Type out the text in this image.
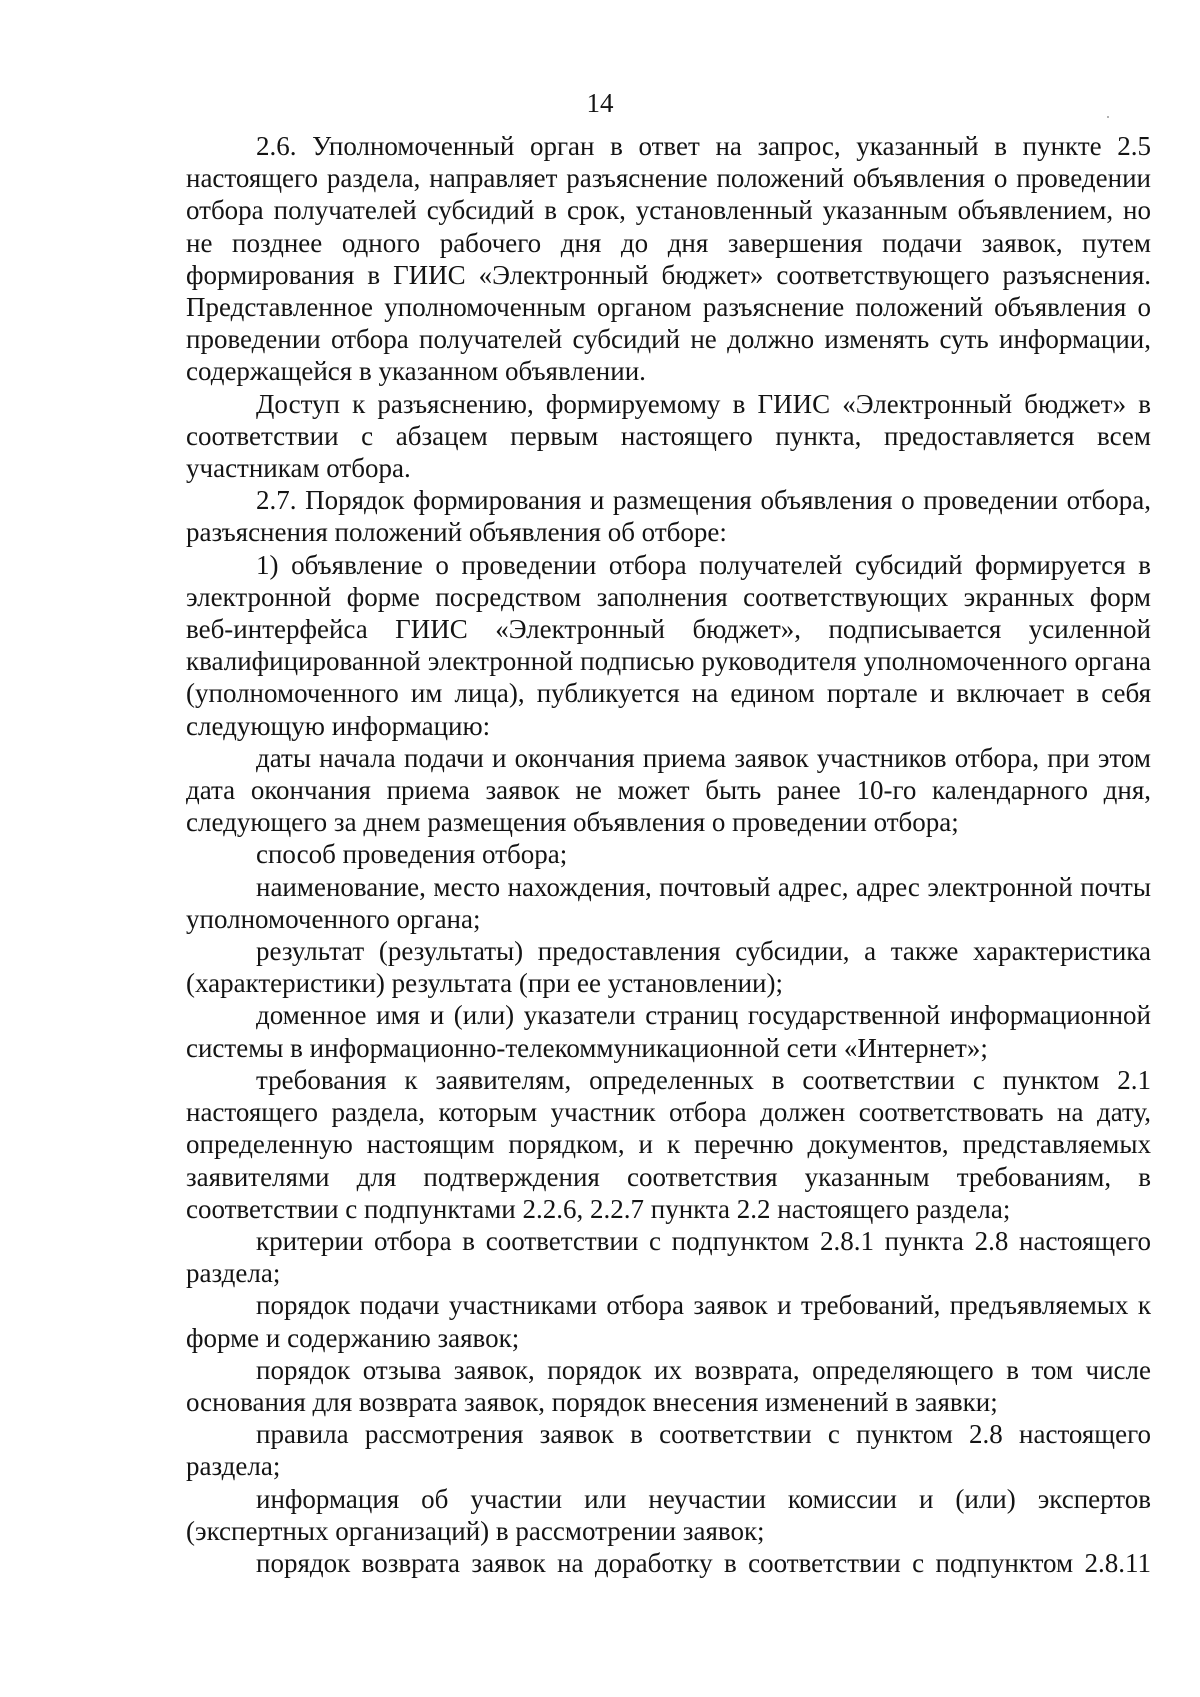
14

2.6. Уполномоченный орган в ответ на запрос, указанный в пункте 2.5 настоящего раздела, направляет разъяснение положений объявления о проведении отбора получателей субсидий в срок, установленный указанным объявлением, но не позднее одного рабочего дня до дня завершения подачи заявок, путем формирования в ГИИС «Электронный бюджет» соответствующего разъяснения. Представленное уполномоченным органом разъяснение положений объявления о проведении отбора получателей субсидий не должно изменять суть информации, содержащейся в указанном объявлении.

Доступ к разъяснению, формируемому в ГИИС «Электронный бюджет» в соответствии с абзацем первым настоящего пункта, предоставляется всем участникам отбора.

2.7. Порядок формирования и размещения объявления о проведении отбора, разъяснения положений объявления об отборе:

1) объявление о проведении отбора получателей субсидий формируется в электронной форме посредством заполнения соответствующих экранных форм веб-интерфейса ГИИС «Электронный бюджет», подписывается усиленной квалифицированной электронной подписью руководителя уполномоченного органа (уполномоченного им лица), публикуется на едином портале и включает в себя следующую информацию:

даты начала подачи и окончания приема заявок участников отбора, при этом дата окончания приема заявок не может быть ранее 10-го календарного дня, следующего за днем размещения объявления о проведении отбора;

способ проведения отбора;

наименование, место нахождения, почтовый адрес, адрес электронной почты уполномоченного органа;

результат (результаты) предоставления субсидии, а также характеристика (характеристики) результата (при ее установлении);

доменное имя и (или) указатели страниц государственной информационной системы в информационно-телекоммуникационной сети «Интернет»;

требования к заявителям, определенных в соответствии с пунктом 2.1 настоящего раздела, которым участник отбора должен соответствовать на дату, определенную настоящим порядком, и к перечню документов, представляемых заявителями для подтверждения соответствия указанным требованиям, в соответствии с подпунктами 2.2.6, 2.2.7 пункта 2.2 настоящего раздела;

критерии отбора в соответствии с подпунктом 2.8.1 пункта 2.8 настоящего раздела;

порядок подачи участниками отбора заявок и требований, предъявляемых к форме и содержанию заявок;

порядок отзыва заявок, порядок их возврата, определяющего в том числе основания для возврата заявок, порядок внесения изменений в заявки;

правила рассмотрения заявок в соответствии с пунктом 2.8 настоящего раздела;

информация об участии или неучастии комиссии и (или) экспертов (экспертных организаций) в рассмотрении заявок;

порядок возврата заявок на доработку в соответствии с подпунктом 2.8.11
